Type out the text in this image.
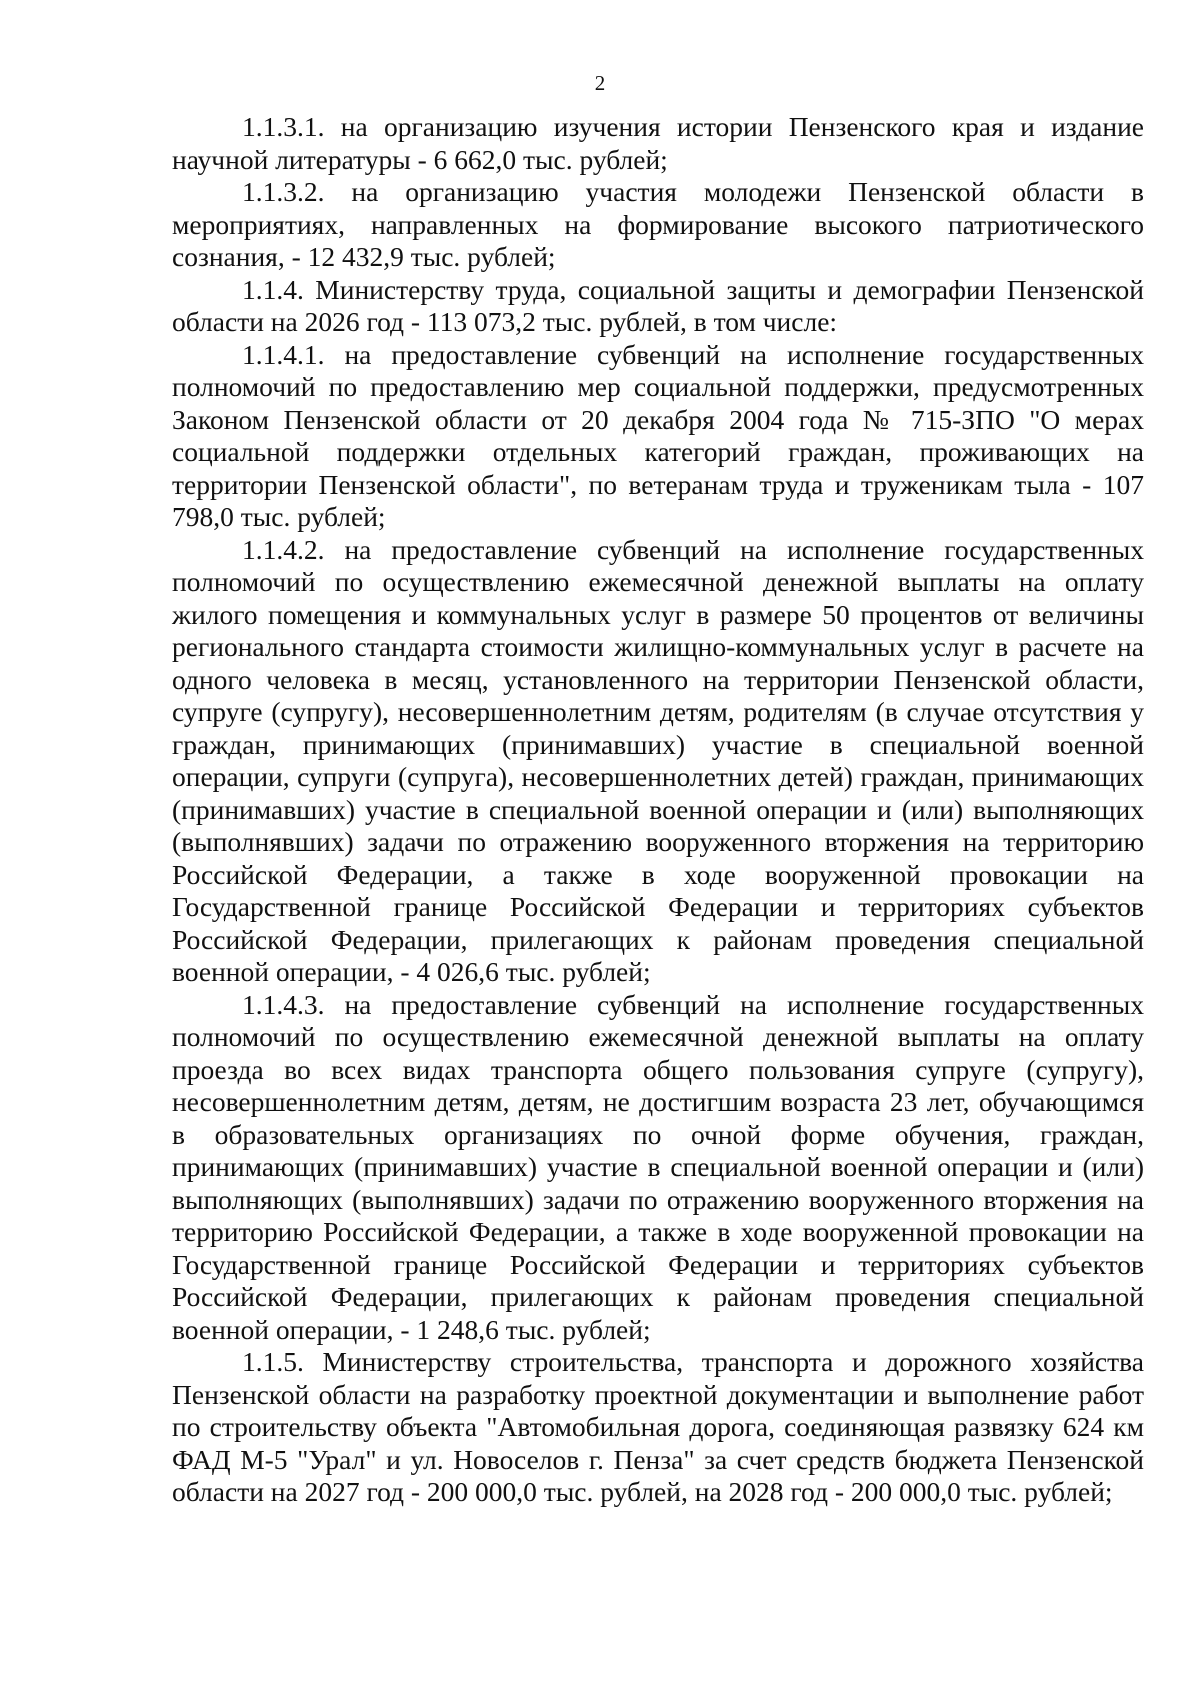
2

1.1.3.1. на организацию изучения истории Пензенского края и издание научной литературы - 6 662,0 тыс. рублей;

1.1.3.2. на организацию участия молодежи Пензенской области в мероприятиях, направленных на формирование высокого патриотического сознания, - 12 432,9 тыс. рублей;

1.1.4. Министерству труда, социальной защиты и демографии Пензенской области на 2026 год - 113 073,2 тыс. рублей, в том числе:

1.1.4.1. на предоставление субвенций на исполнение государственных полномочий по предоставлению мер социальной поддержки, предусмотренных Законом Пензенской области от 20 декабря 2004 года № 715-ЗПО "О мерах социальной поддержки отдельных категорий граждан, проживающих на территории Пензенской области", по ветеранам труда и труженикам тыла - 107 798,0 тыс. рублей;

1.1.4.2. на предоставление субвенций на исполнение государственных полномочий по осуществлению ежемесячной денежной выплаты на оплату жилого помещения и коммунальных услуг в размере 50 процентов от величины регионального стандарта стоимости жилищно-коммунальных услуг в расчете на одного человека в месяц, установленного на территории Пензенской области, супруге (супругу), несовершеннолетним детям, родителям (в случае отсутствия у граждан, принимающих (принимавших) участие в специальной военной операции, супруги (супруга), несовершеннолетних детей) граждан, принимающих (принимавших) участие в специальной военной операции и (или) выполняющих (выполнявших) задачи по отражению вооруженного вторжения на территорию Российской Федерации, а также в ходе вооруженной провокации на Государственной границе Российской Федерации и территориях субъектов Российской Федерации, прилегающих к районам проведения специальной военной операции, - 4 026,6 тыс. рублей;

1.1.4.3. на предоставление субвенций на исполнение государственных полномочий по осуществлению ежемесячной денежной выплаты на оплату проезда во всех видах транспорта общего пользования супруге (супругу), несовершеннолетним детям, детям, не достигшим возраста 23 лет, обучающимся в образовательных организациях по очной форме обучения, граждан, принимающих (принимавших) участие в специальной военной операции и (или) выполняющих (выполнявших) задачи по отражению вооруженного вторжения на территорию Российской Федерации, а также в ходе вооруженной провокации на Государственной границе Российской Федерации и территориях субъектов Российской Федерации, прилегающих к районам проведения специальной военной операции, - 1 248,6 тыс. рублей;

1.1.5. Министерству строительства, транспорта и дорожного хозяйства Пензенской области на разработку проектной документации и выполнение работ по строительству объекта "Автомобильная дорога, соединяющая развязку 624 км ФАД М-5 "Урал" и ул. Новоселов г. Пенза" за счет средств бюджета Пензенской области на 2027 год - 200 000,0 тыс. рублей, на 2028 год - 200 000,0 тыс. рублей;
